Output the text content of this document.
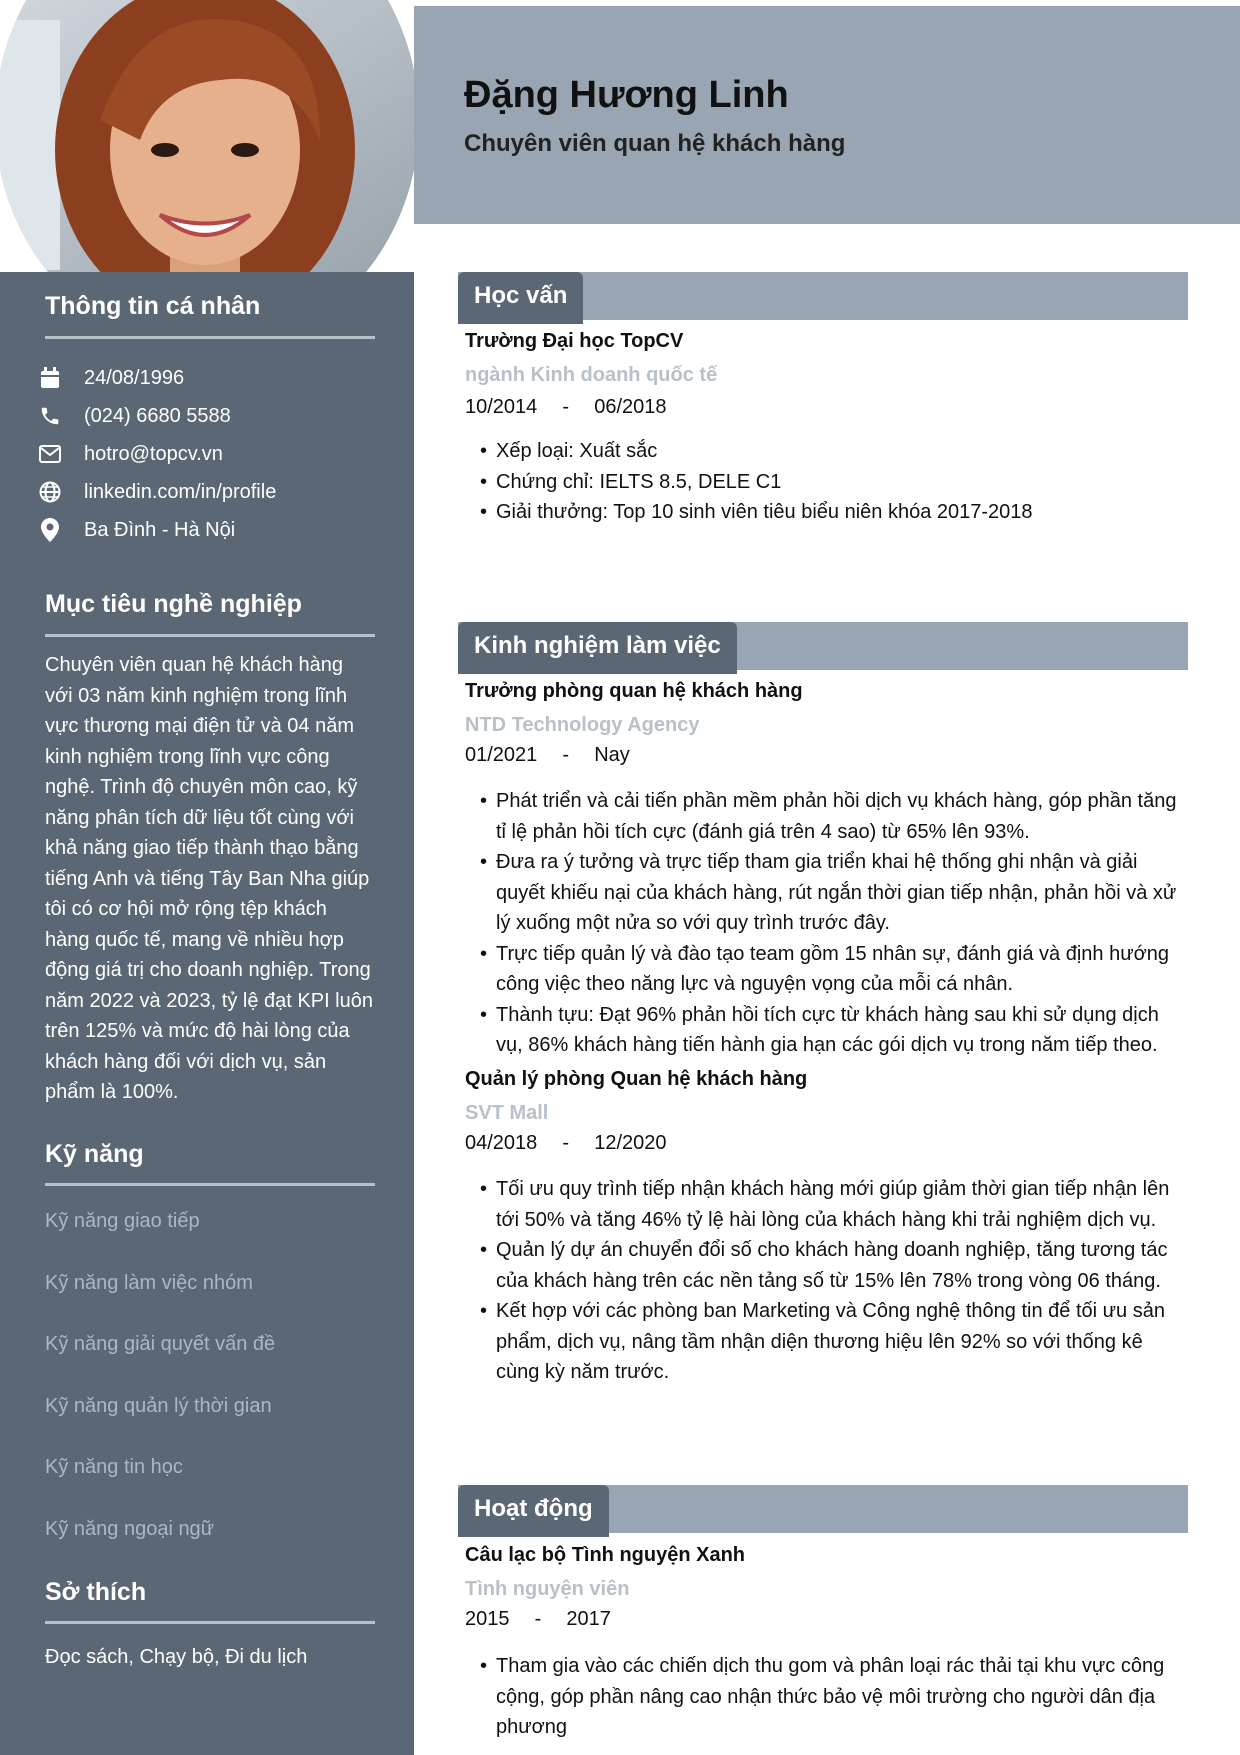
Thông tin cá nhân
24/08/1996
(024) 6680 5588
hotro@topcv.vn
linkedin.com/in/profile
Ba Đình - Hà Nội
Mục tiêu nghề nghiệp
Chuyên viên quan hệ khách hàng với 03 năm kinh nghiệm trong lĩnh vực thương mại điện tử và 04 năm kinh nghiệm trong lĩnh vực công nghệ. Trình độ chuyên môn cao, kỹ năng phân tích dữ liệu tốt cùng với khả năng giao tiếp thành thạo bằng tiếng Anh và tiếng Tây Ban Nha giúp tôi có cơ hội mở rộng tệp khách hàng quốc tế, mang về nhiều hợp động giá trị cho doanh nghiệp. Trong năm 2022 và 2023, tỷ lệ đạt KPI luôn trên 125% và mức độ hài lòng của khách hàng đối với dịch vụ, sản phẩm là 100%.
Kỹ năng
Kỹ năng giao tiếp
Kỹ năng làm việc nhóm
Kỹ năng giải quyết vấn đề
Kỹ năng quản lý thời gian
Kỹ năng tin học
Kỹ năng ngoại ngữ
Sở thích
Đọc sách, Chạy bộ, Đi du lịch
Đặng Hương Linh
Chuyên viên quan hệ khách hàng
Học vấn
Trường Đại học TopCV
ngành Kinh doanh quốc tế
10/2014 - 06/2018
• Xếp loại: Xuất sắc
• Chứng chỉ: IELTS 8.5, DELE C1
• Giải thưởng: Top 10 sinh viên tiêu biểu niên khóa 2017-2018
Kinh nghiệm làm việc
Trưởng phòng quan hệ khách hàng
NTD Technology Agency
01/2021 - Nay
• Phát triển và cải tiến phần mềm phản hồi dịch vụ khách hàng, góp phần tăng tỉ lệ phản hồi tích cực (đánh giá trên 4 sao) từ 65% lên 93%.
• Đưa ra ý tưởng và trực tiếp tham gia triển khai hệ thống ghi nhận và giải quyết khiếu nại của khách hàng, rút ngắn thời gian tiếp nhận, phản hồi và xử lý xuống một nửa so với quy trình trước đây.
• Trực tiếp quản lý và đào tạo team gồm 15 nhân sự, đánh giá và định hướng công việc theo năng lực và nguyện vọng của mỗi cá nhân.
• Thành tựu: Đạt 96% phản hồi tích cực từ khách hàng sau khi sử dụng dịch vụ, 86% khách hàng tiến hành gia hạn các gói dịch vụ trong năm tiếp theo.
Quản lý phòng Quan hệ khách hàng
SVT Mall
04/2018 - 12/2020
• Tối ưu quy trình tiếp nhận khách hàng mới giúp giảm thời gian tiếp nhận lên tới 50% và tăng 46% tỷ lệ hài lòng của khách hàng khi trải nghiệm dịch vụ.
• Quản lý dự án chuyển đổi số cho khách hàng doanh nghiệp, tăng tương tác của khách hàng trên các nền tảng số từ 15% lên 78% trong vòng 06 tháng.
• Kết hợp với các phòng ban Marketing và Công nghệ thông tin để tối ưu sản phẩm, dịch vụ, nâng tầm nhận diện thương hiệu lên 92% so với thống kê cùng kỳ năm trước.
Hoạt động
Câu lạc bộ Tình nguyện Xanh
Tình nguyện viên
2015 - 2017
• Tham gia vào các chiến dịch thu gom và phân loại rác thải tại khu vực công cộng, góp phần nâng cao nhận thức bảo vệ môi trường cho người dân địa phương
